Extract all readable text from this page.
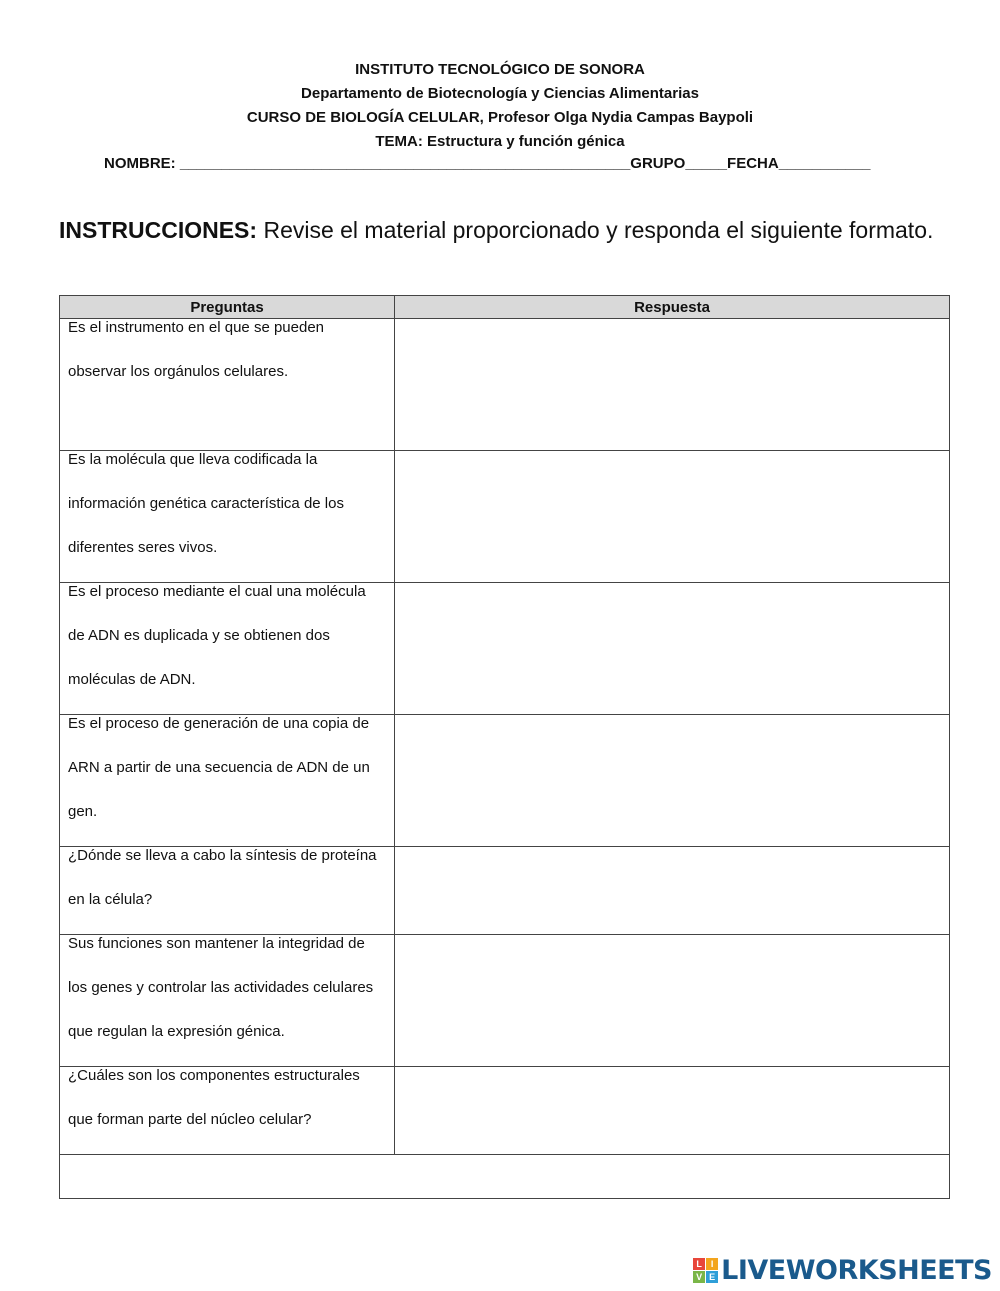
INSTITUTO TECNOLÓGICO DE SONORA
Departamento de Biotecnología y Ciencias Alimentarias
CURSO DE BIOLOGÍA CELULAR, Profesor Olga Nydia Campas Baypoli
TEMA: Estructura y función génica
NOMBRE: ______________________________________________________GRUPO_____FECHA___________
INSTRUCCIONES: Revise el material proporcionado y responda el siguiente formato.
Preguntas	Respuesta

Es el instrumento en el que se pueden observar los orgánulos celulares.	

Es la molécula que lleva codificada la información genética característica de los diferentes seres vivos.	

Es el proceso mediante el cual una molécula de ADN es duplicada y se obtienen dos moléculas de ADN.	

Es el proceso de generación de una copia de ARN a partir de una secuencia de ADN de un gen.	

¿Dónde se lleva a cabo la síntesis de proteína en la célula?	

Sus funciones son mantener la integridad de los genes y controlar las actividades celulares que regulan la expresión génica.	

¿Cuáles son los componentes estructurales que forman parte del núcleo celular?	

L I
V E LIVEWORKSHEETS
